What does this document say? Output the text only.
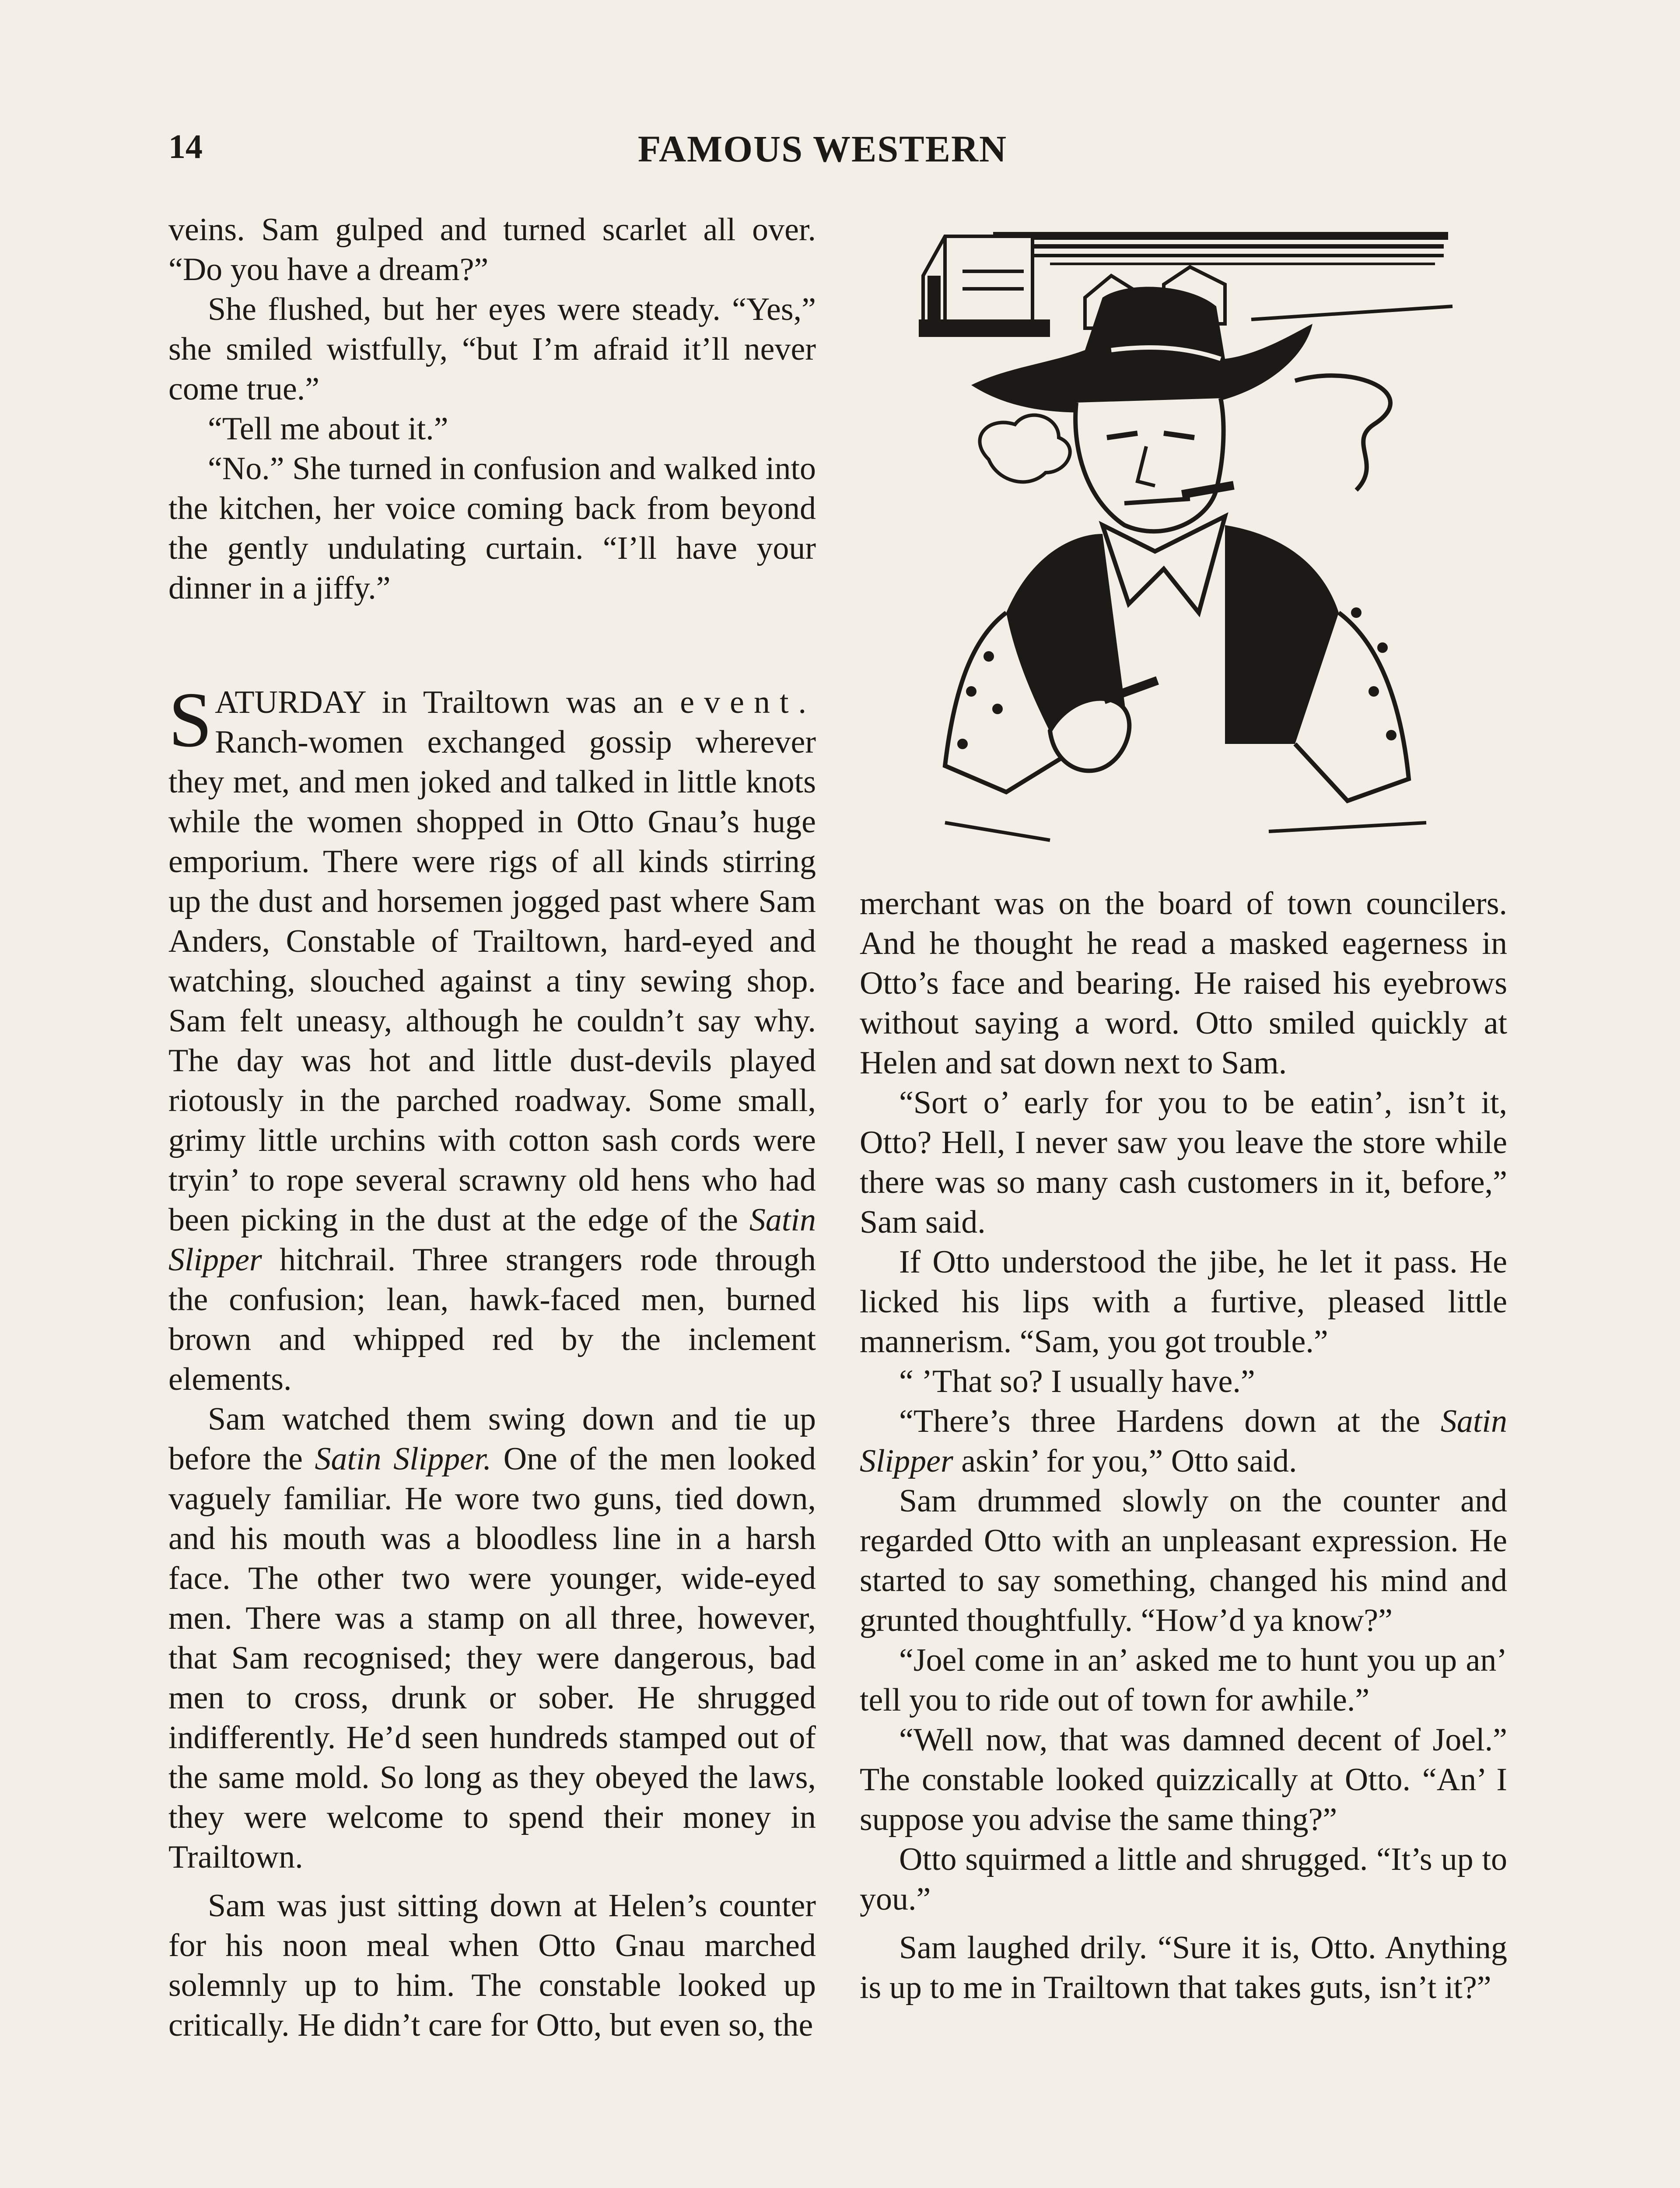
14	FAMOUS WESTERN

veins. Sam gulped and turned scarlet all over. “Do you have a dream?”

She flushed, but her eyes were steady. “Yes,” she smiled wistfully, “but I’m afraid it’ll never come true.”

“Tell me about it.”

“No.” She turned in confusion and walked into the kitchen, her voice coming back from beyond the gently undulating curtain. “I’ll have your dinner in a jiffy.”

SATURDAY in Trailtown was an event. Ranch-women exchanged gossip wherever they met, and men joked and talked in little knots while the women shopped in Otto Gnau’s huge emporium. There were rigs of all kinds stirring up the dust and horsemen jogged past where Sam Anders, Constable of Trailtown, hard-eyed and watching, slouched against a tiny sewing shop. Sam felt uneasy, although he couldn’t say why. The day was hot and little dust-devils played riotously in the parched roadway. Some small, grimy little urchins with cotton sash cords were tryin’ to rope several scrawny old hens who had been picking in the dust at the edge of the Satin Slipper hitchrail. Three strangers rode through the confusion; lean, hawk-faced men, burned brown and whipped red by the inclement elements.

Sam watched them swing down and tie up before the Satin Slipper. One of the men looked vaguely familiar. He wore two guns, tied down, and his mouth was a bloodless line in a harsh face. The other two were younger, wide-eyed men. There was a stamp on all three, however, that Sam recognised; they were dangerous, bad men to cross, drunk or sober. He shrugged indifferently. He’d seen hundreds stamped out of the same mold. So long as they obeyed the laws, they were welcome to spend their money in Trailtown.

Sam was just sitting down at Helen’s counter for his noon meal when Otto Gnau marched solemnly up to him. The constable looked up critically. He didn’t care for Otto, but even so, the

merchant was on the board of town councilers. And he thought he read a masked eagerness in Otto’s face and bearing. He raised his eyebrows without saying a word. Otto smiled quickly at Helen and sat down next to Sam.

“Sort o’ early for you to be eatin’, isn’t it, Otto? Hell, I never saw you leave the store while there was so many cash customers in it, before,” Sam said.

If Otto understood the jibe, he let it pass. He licked his lips with a furtive, pleased little mannerism. “Sam, you got trouble.”

“ ’That so? I usually have.”

“There’s three Hardens down at the Satin Slipper askin’ for you,” Otto said.

Sam drummed slowly on the counter and regarded Otto with an unpleasant expression. He started to say something, changed his mind and grunted thoughtfully. “How’d ya know?”

“Joel come in an’ asked me to hunt you up an’ tell you to ride out of town for awhile.”

“Well now, that was damned decent of Joel.” The constable looked quizzically at Otto. “An’ I suppose you advise the same thing?”

Otto squirmed a little and shrugged. “It’s up to you.”

Sam laughed drily. “Sure it is, Otto. Anything is up to me in Trailtown that takes guts, isn’t it?”
